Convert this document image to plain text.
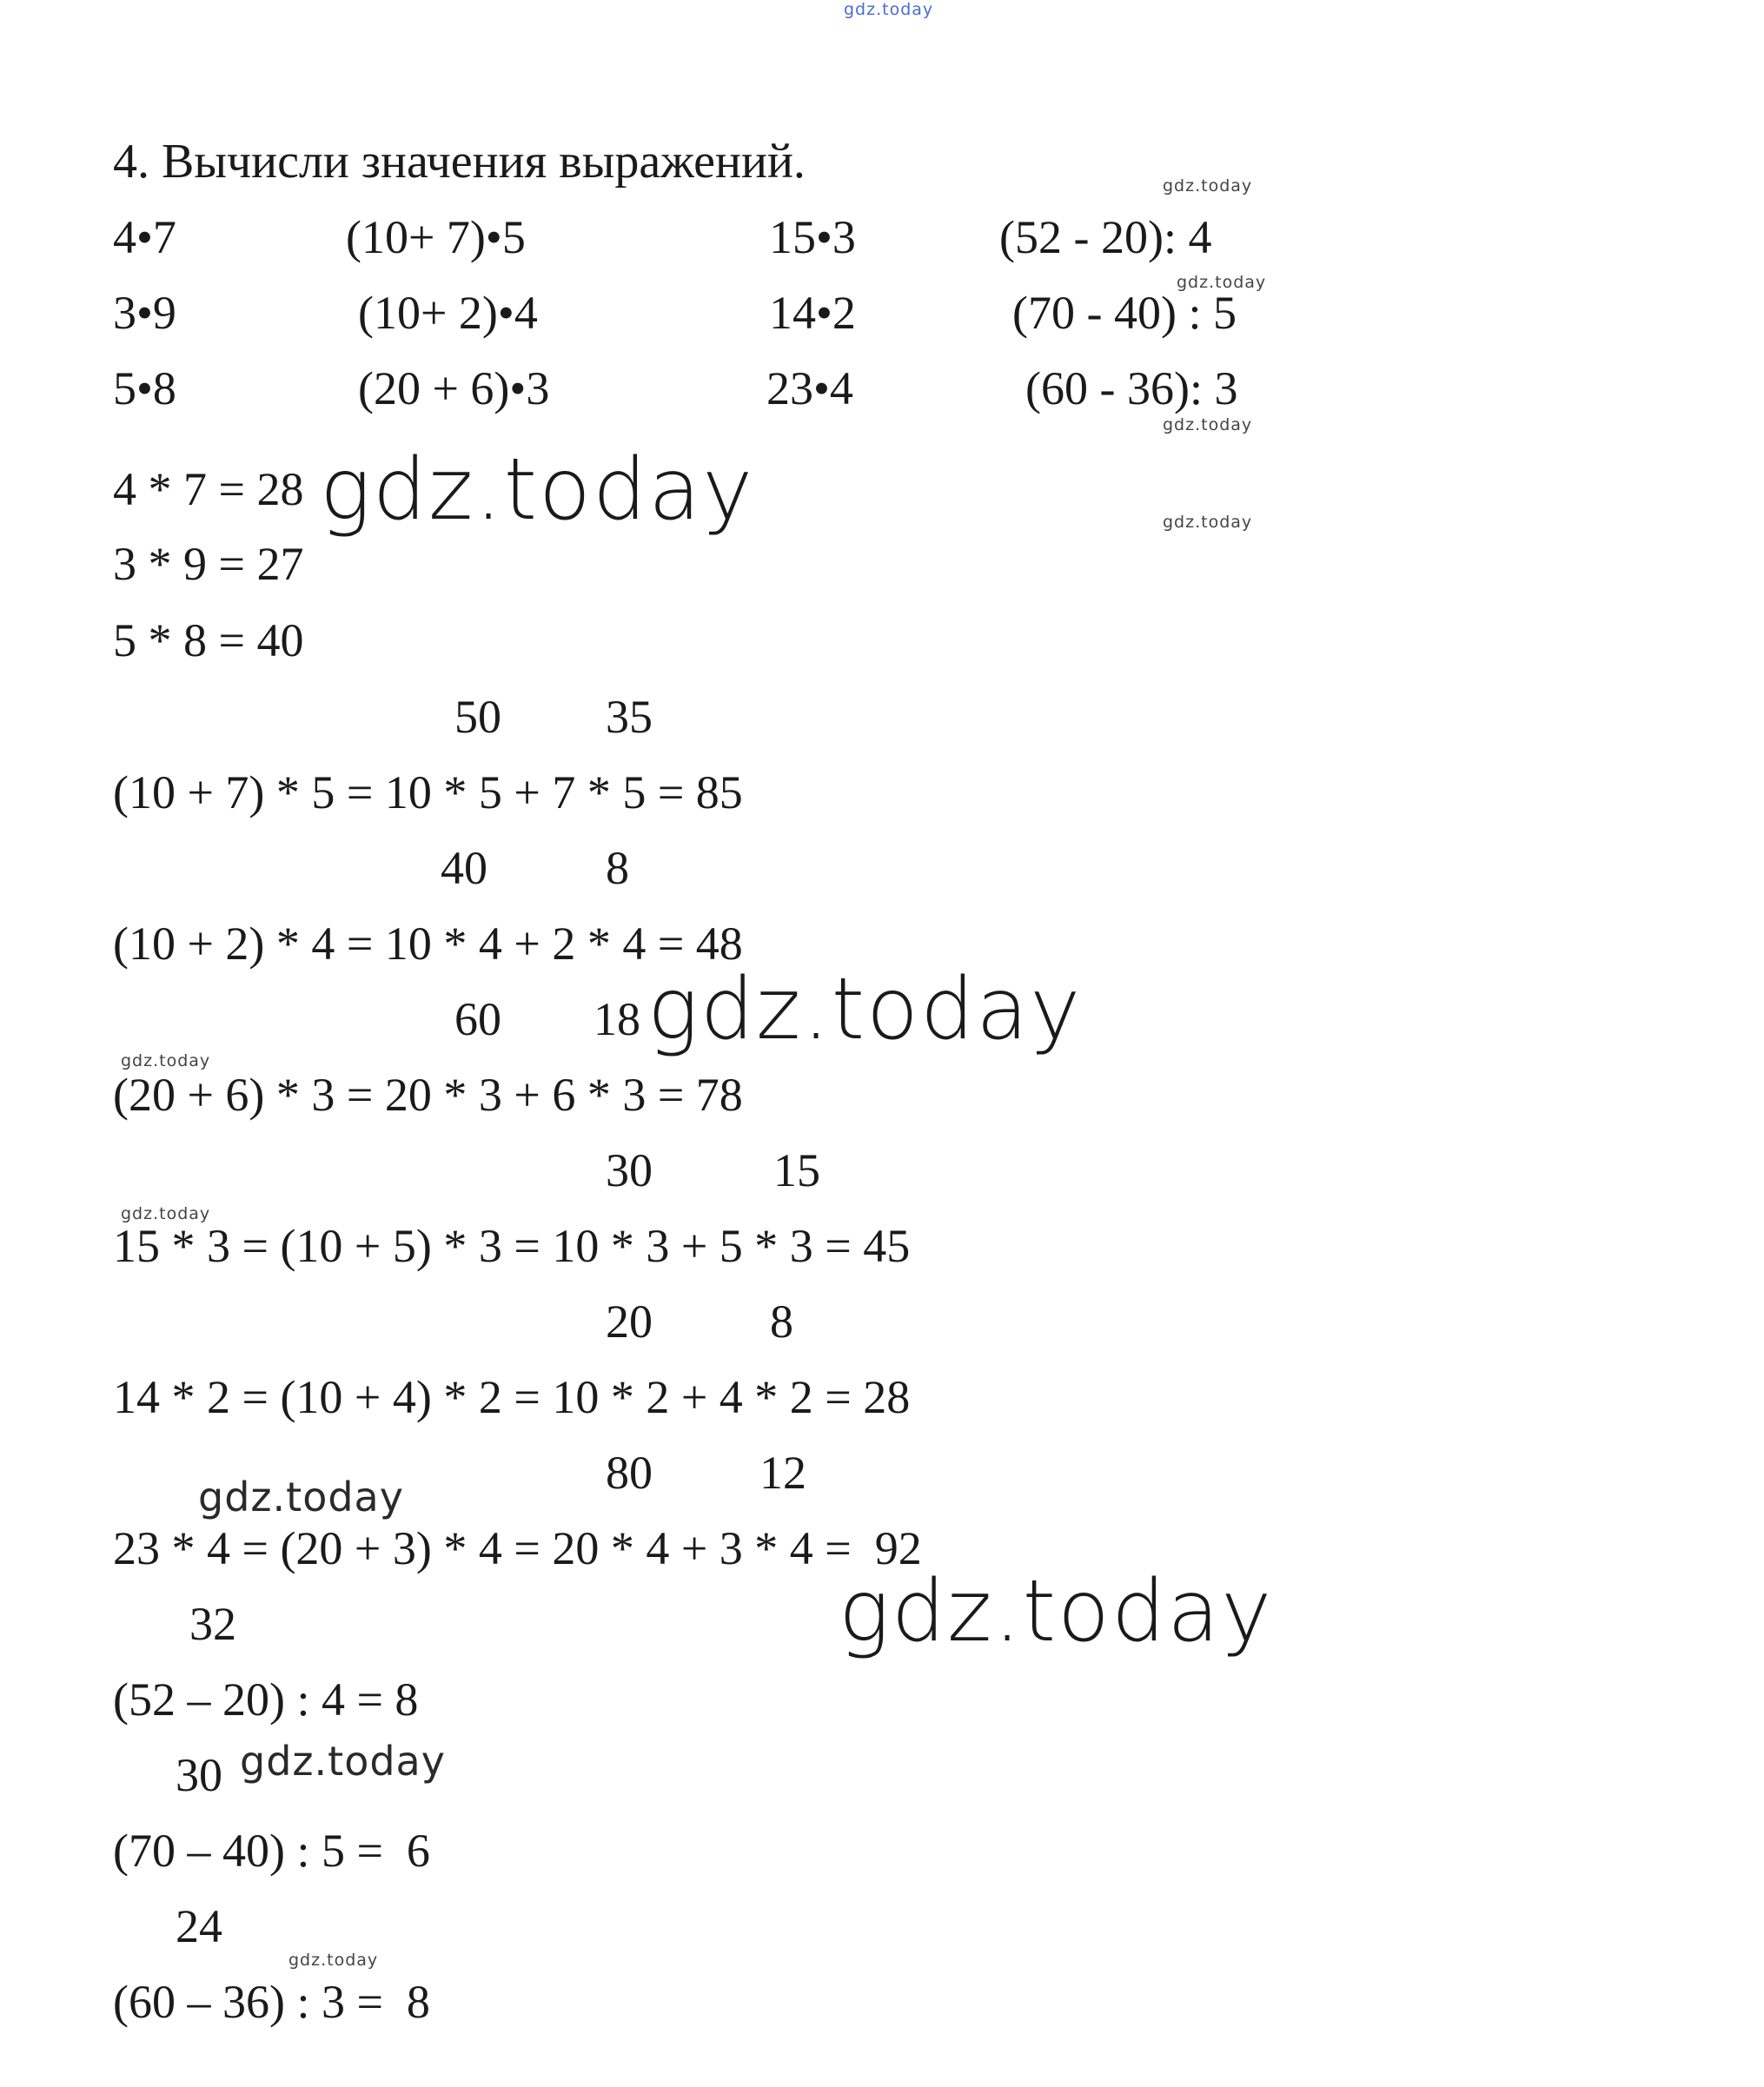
gdz.today
4. Вычисли значения выражений.	gdz.today
4•7	(10+ 7)•5	15•3	(52 - 20): 4
gdz.today
3•9	(10+ 2)•4	14•2	(70 - 40) : 5
5•8	(20 + 6)•3	23•4	(60 - 36): 3
gdz.today
4 * 7 = 28 gdz.today	gdz.today
3 * 9 = 27
5 * 8 = 40
50 35
(10 + 7) * 5 = 10 * 5 + 7 * 5 = 85
40	8
(10 + 2) * 4 = 10 * 4 + 2 * 4 = 48
60 18 gdz.today
gdz.today
(20 + 6) * 3 = 20 * 3 + 6 * 3 = 78
30	15
gdz.today
15 * 3 = (10 + 5) * 3 = 10 * 3 + 5 * 3 = 45
20	8
14 * 2 = (10 + 4) * 2 = 10 * 2 + 4 * 2 = 28
80 12
gdz.today
23 * 4 = (20 + 3) * 4 = 20 * 4 + 3 * 4 =  92
32	gdz.today
(52 – 20) : 4 = 8
30 gdz.today
(70 – 40) : 5 =  6
24
gdz.today
(60 – 36) : 3 =  8
